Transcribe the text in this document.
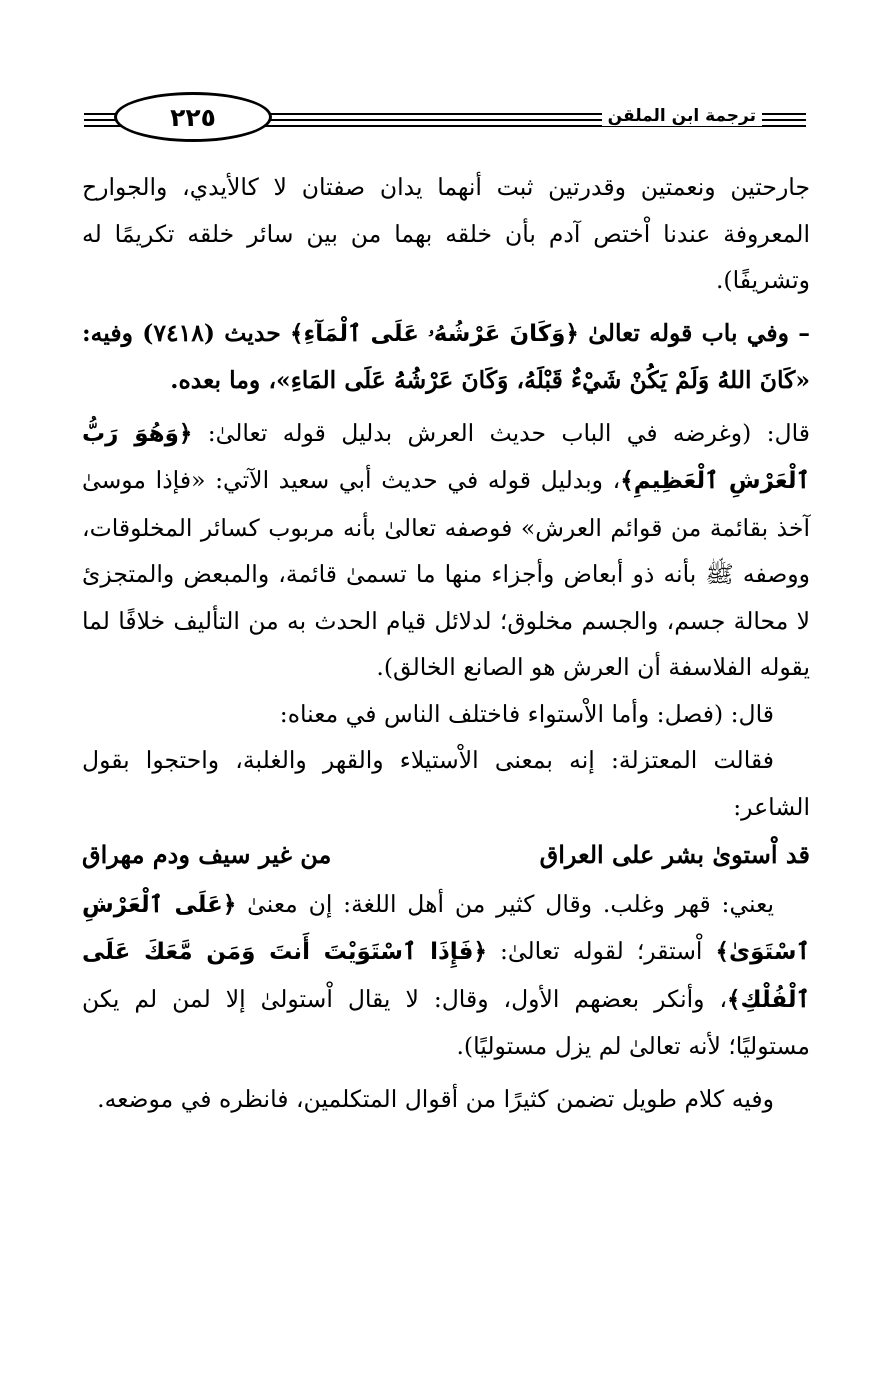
٢٢٥	ترجمة ابن الملقن

جارحتين ونعمتين وقدرتين ثبت أنهما يدان صفتان لا كالأيدي، والجوارح المعروفة عندنا اْختص آدم بأن خلقه بهما من بين سائر خلقه تكريمًا له وتشريفًا).

– وفي باب قوله تعالىٰ ﴿وَكَانَ عَرْشُهُۥ عَلَى ٱلْمَآءِ﴾ حديث (٧٤١٨) وفيه: «كَانَ اللهُ وَلَمْ يَكُنْ شَيْءٌ قَبْلَهُ، وَكَانَ عَرْشُهُ عَلَى المَاءِ»، وما بعده.

قال: (وغرضه في الباب حديث العرش بدليل قوله تعالىٰ: ﴿وَهُوَ رَبُّ ٱلْعَرْشِ ٱلْعَظِيمِ﴾، وبدليل قوله في حديث أبي سعيد الآتي: «فإذا موسىٰ آخذ بقائمة من قوائم العرش» فوصفه تعالىٰ بأنه مربوب كسائر المخلوقات، ووصفه ﷺ بأنه ذو أبعاض وأجزاء منها ما تسمىٰ قائمة، والمبعض والمتجزئ لا محالة جسم، والجسم مخلوق؛ لدلائل قيام الحدث به من التأليف خلافًا لما يقوله الفلاسفة أن العرش هو الصانع الخالق).

قال: (فصل: وأما الاْستواء فاختلف الناس في معناه:

فقالت المعتزلة: إنه بمعنى الاْستيلاء والقهر والغلبة، واحتجوا بقول الشاعر:

قد اْستوىٰ بشر على العراق
من غير سيف ودم مهراق

يعني: قهر وغلب. وقال كثير من أهل اللغة: إن معنىٰ ﴿عَلَى ٱلْعَرْشِ ٱسْتَوَىٰ﴾ اْستقر؛ لقوله تعالىٰ: ﴿فَإِذَا ٱسْتَوَيْتَ أَنتَ وَمَن مَّعَكَ عَلَى ٱلْفُلْكِ﴾، وأنكر بعضهم الأول، وقال: لا يقال اْستولىٰ إلا لمن لم يكن مستوليًا؛ لأنه تعالىٰ لم يزل مستوليًا).

وفيه كلام طويل تضمن كثيرًا من أقوال المتكلمين، فانظره في موضعه.
